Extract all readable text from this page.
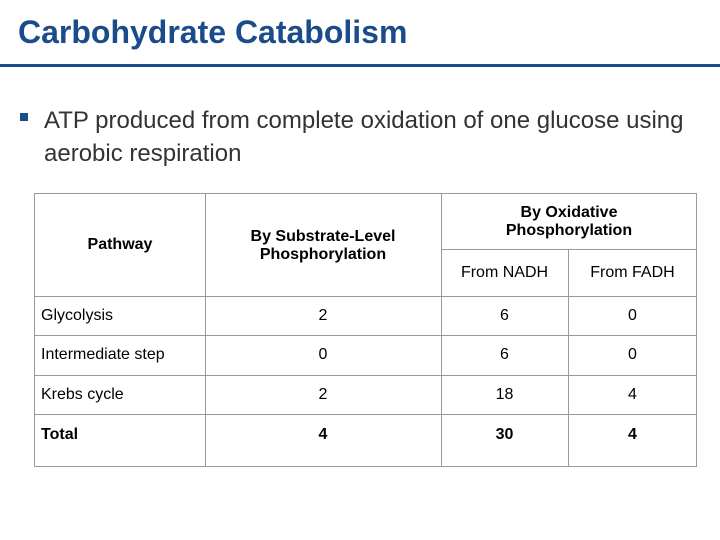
Carbohydrate Catabolism
ATP produced from complete oxidation of one glucose using aerobic respiration
Pathway	By Substrate-Level Phosphorylation
By Oxidative Phosphorylation
From NADH	From FADH
Glycolysis	2	6	0
Intermediate step	0	6	0
Krebs cycle	2	18	4
Total	4	30	4
